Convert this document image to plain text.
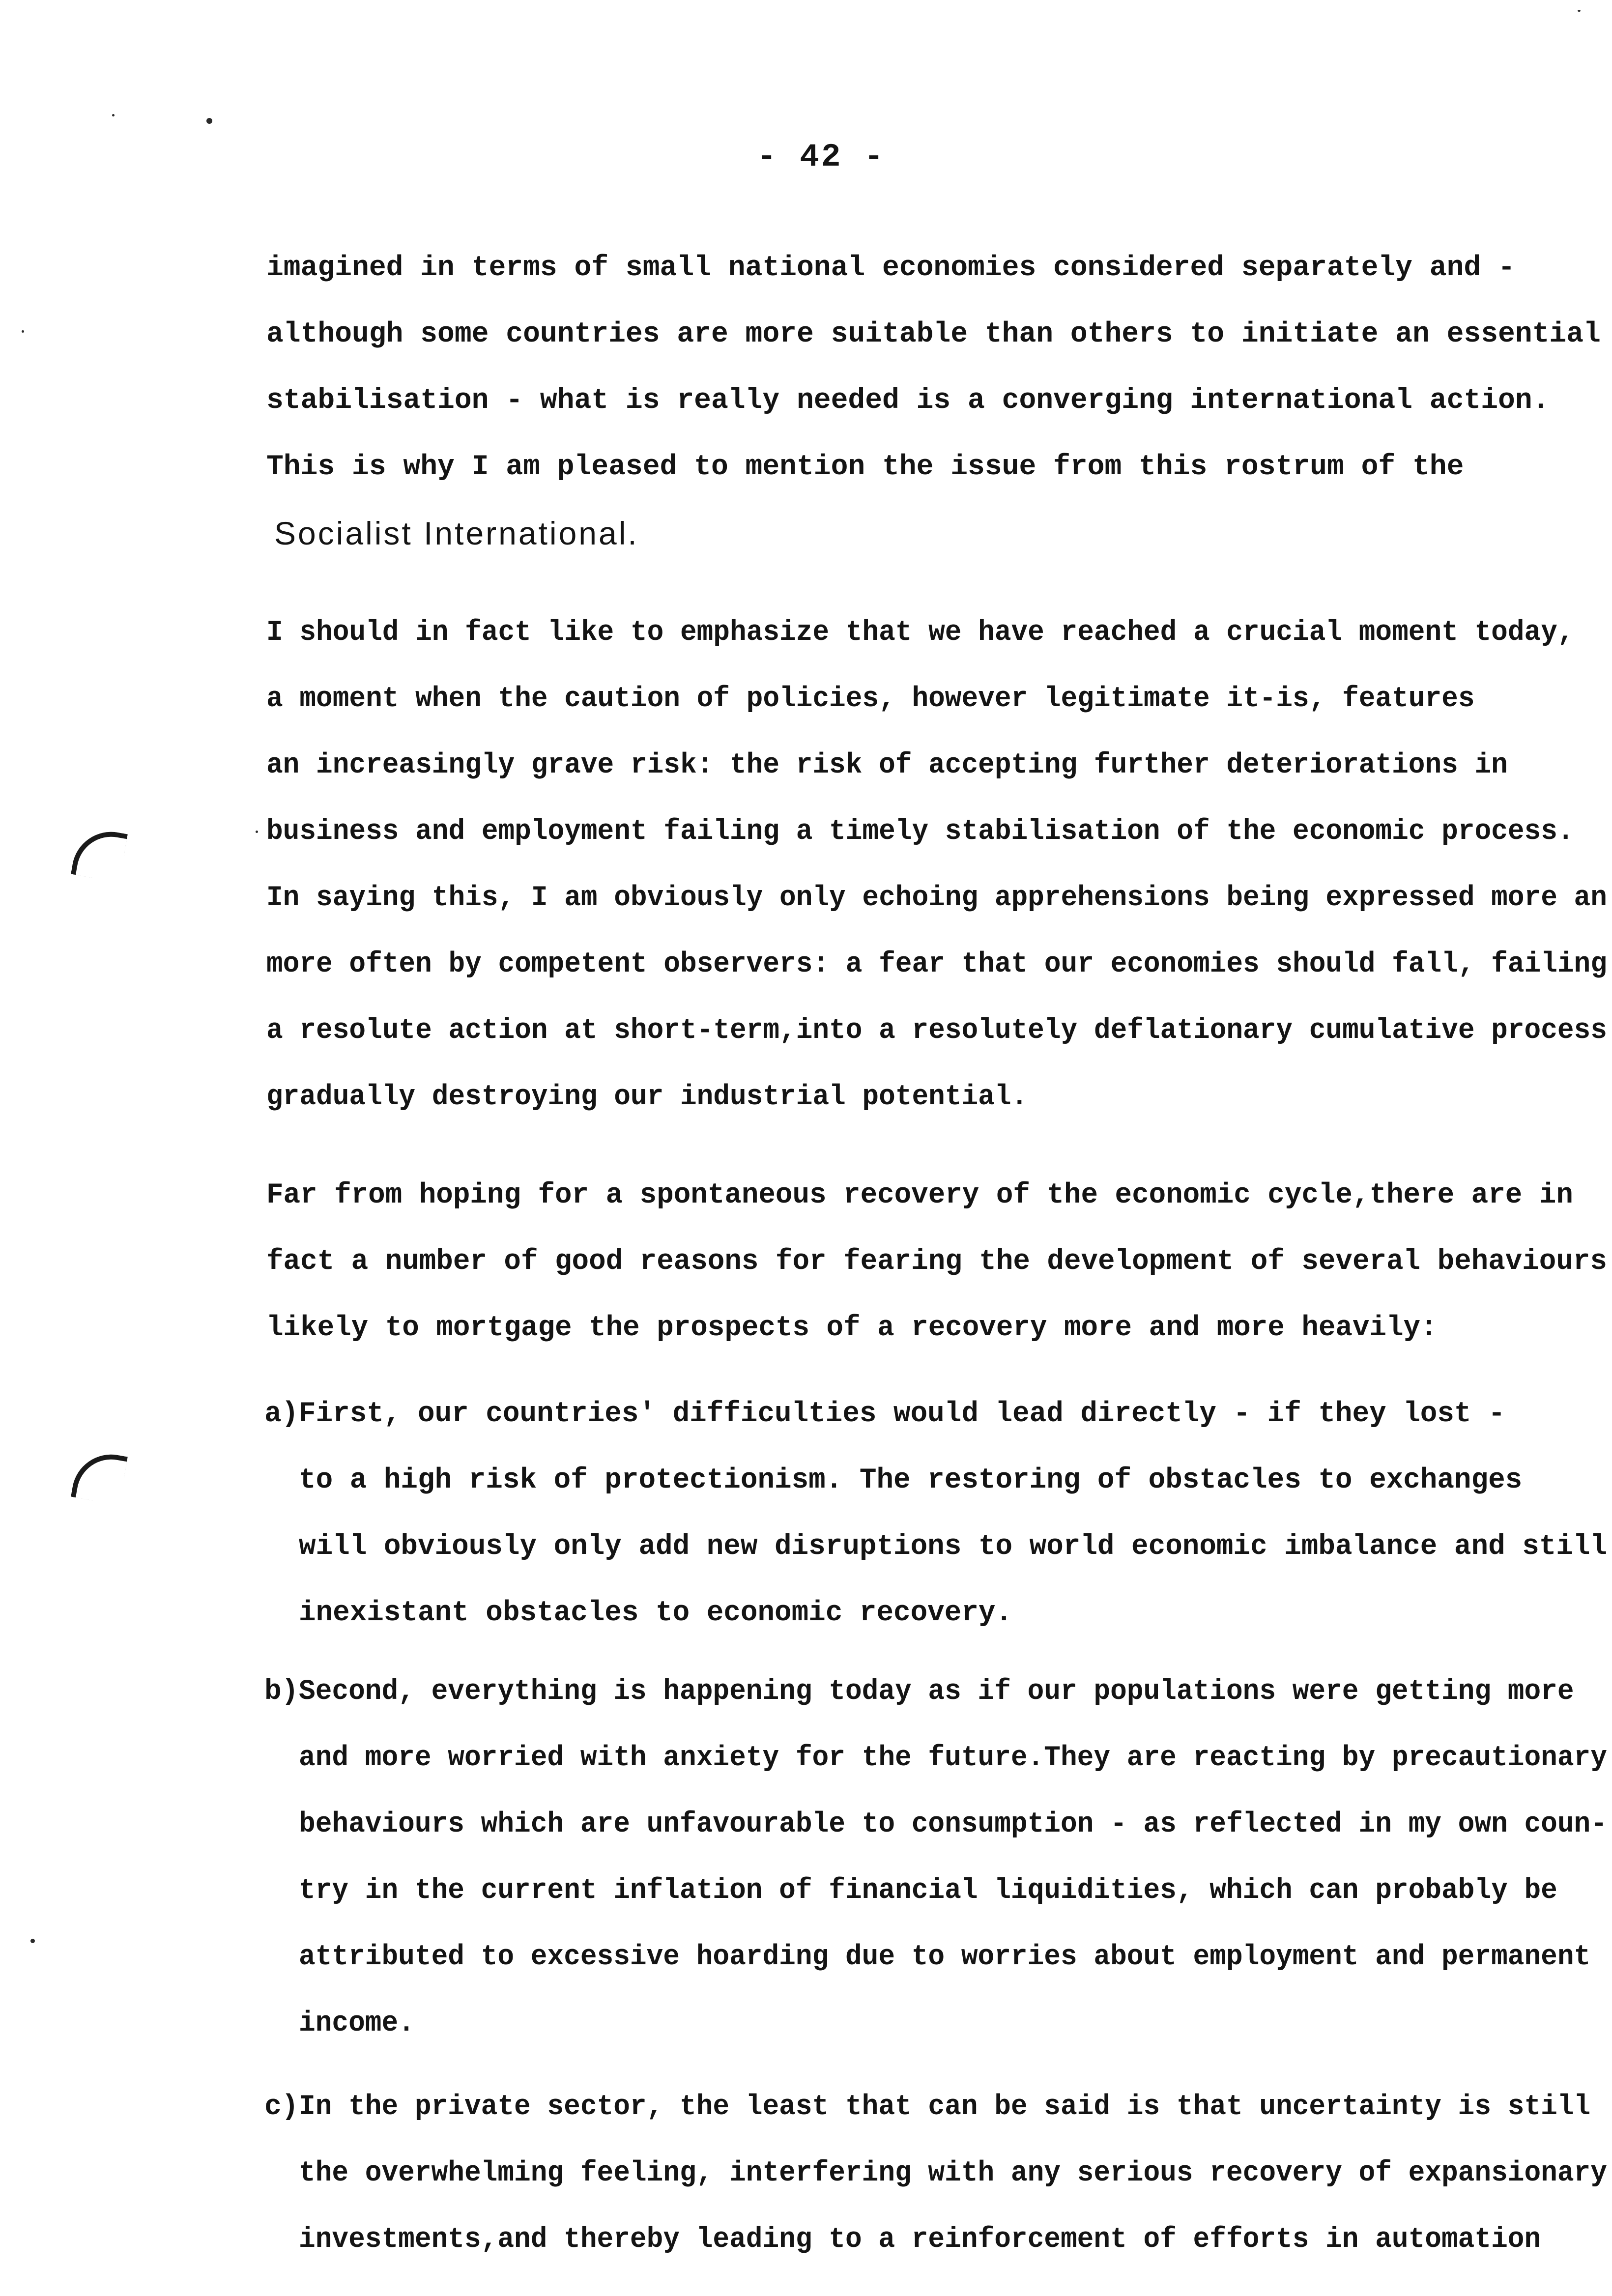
- 42 -
imagined in terms of small national economies considered separately and -
although some countries are more suitable than others to initiate an essential
stabilisation - what is really needed is a converging international action.
This is why I am pleased to mention the issue from this rostrum of the
Socialist International.
I should in fact like to emphasize that we have reached a crucial moment today,
a moment when the caution of policies, however legitimate it-is, features
an increasingly grave risk: the risk of accepting further deteriorations in
business and employment failing a timely stabilisation of the economic process.
In saying this, I am obviously only echoing apprehensions being expressed more an
more often by competent observers: a fear that our economies should fall, failing
a resolute action at short-term,into a resolutely deflationary cumulative process
gradually destroying our industrial potential.
Far from hoping for a spontaneous recovery of the economic cycle,there are in
fact a number of good reasons for fearing the development of several behaviours
likely to mortgage the prospects of a recovery more and more heavily:
a) First, our countries' difficulties would lead directly - if they lost -
to a high risk of protectionism. The restoring of obstacles to exchanges
will obviously only add new disruptions to world economic imbalance and still
inexistant obstacles to economic recovery.
b) Second, everything is happening today as if our populations were getting more
and more worried with anxiety for the future.They are reacting by precautionary
behaviours which are unfavourable to consumption - as reflected in my own coun-
try in the current inflation of financial liquidities, which can probably be
attributed to excessive hoarding due to worries about employment and permanent
income.
c) In the private sector, the least that can be said is that uncertainty is still
the overwhelming feeling, interfering with any serious recovery of expansionary
investments,and thereby leading to a reinforcement of efforts in automation
